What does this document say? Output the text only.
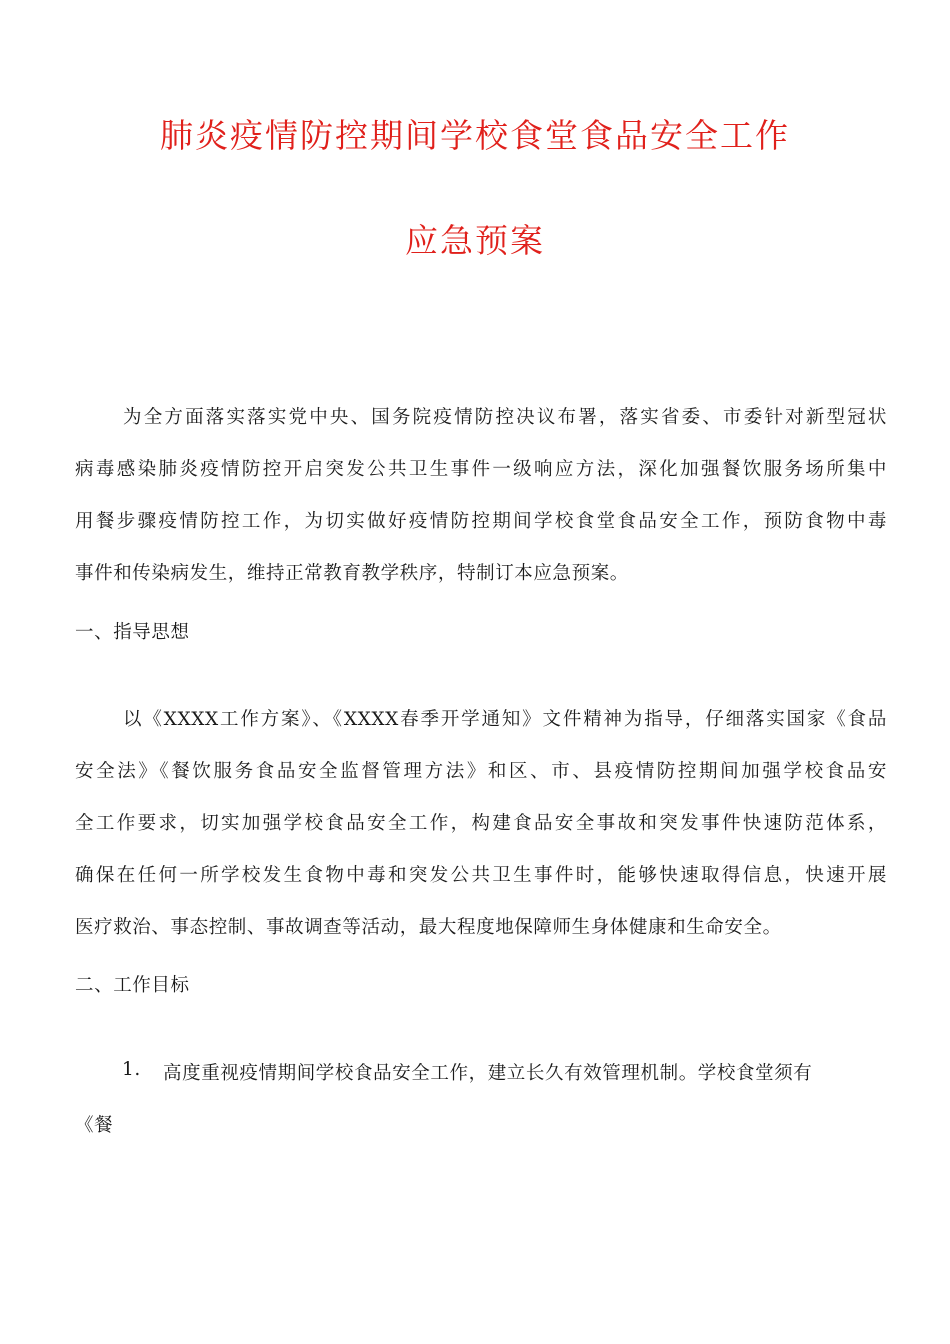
肺炎疫情防控期间学校食堂食品安全工作
应急预案
为全方面落实落实党中央、国务院疫情防控决议布署，落实省委、市委针对新型冠状
病毒感染肺炎疫情防控开启突发公共卫生事件一级响应方法，深化加强餐饮服务场所集中
用餐步骤疫情防控工作，为切实做好疫情防控期间学校食堂食品安全工作，预防食物中毒
事件和传染病发生，维持正常教育教学秩序，特制订本应急预案。
一、指导思想
以《XXXX工作方案》、《XXXX春季开学通知》文件精神为指导，仔细落实国家《食品
安全法》《餐饮服务食品安全监督管理方法》和区、市、县疫情防控期间加强学校食品安
全工作要求，切实加强学校食品安全工作，构建食品安全事故和突发事件快速防范体系，
确保在任何一所学校发生食物中毒和突发公共卫生事件时，能够快速取得信息，快速开展
医疗救治、事态控制、事故调查等活动，最大程度地保障师生身体健康和生命安全。
二、工作目标
1. 高度重视疫情期间学校食品安全工作，建立长久有效管理机制。学校食堂须有
《餐
